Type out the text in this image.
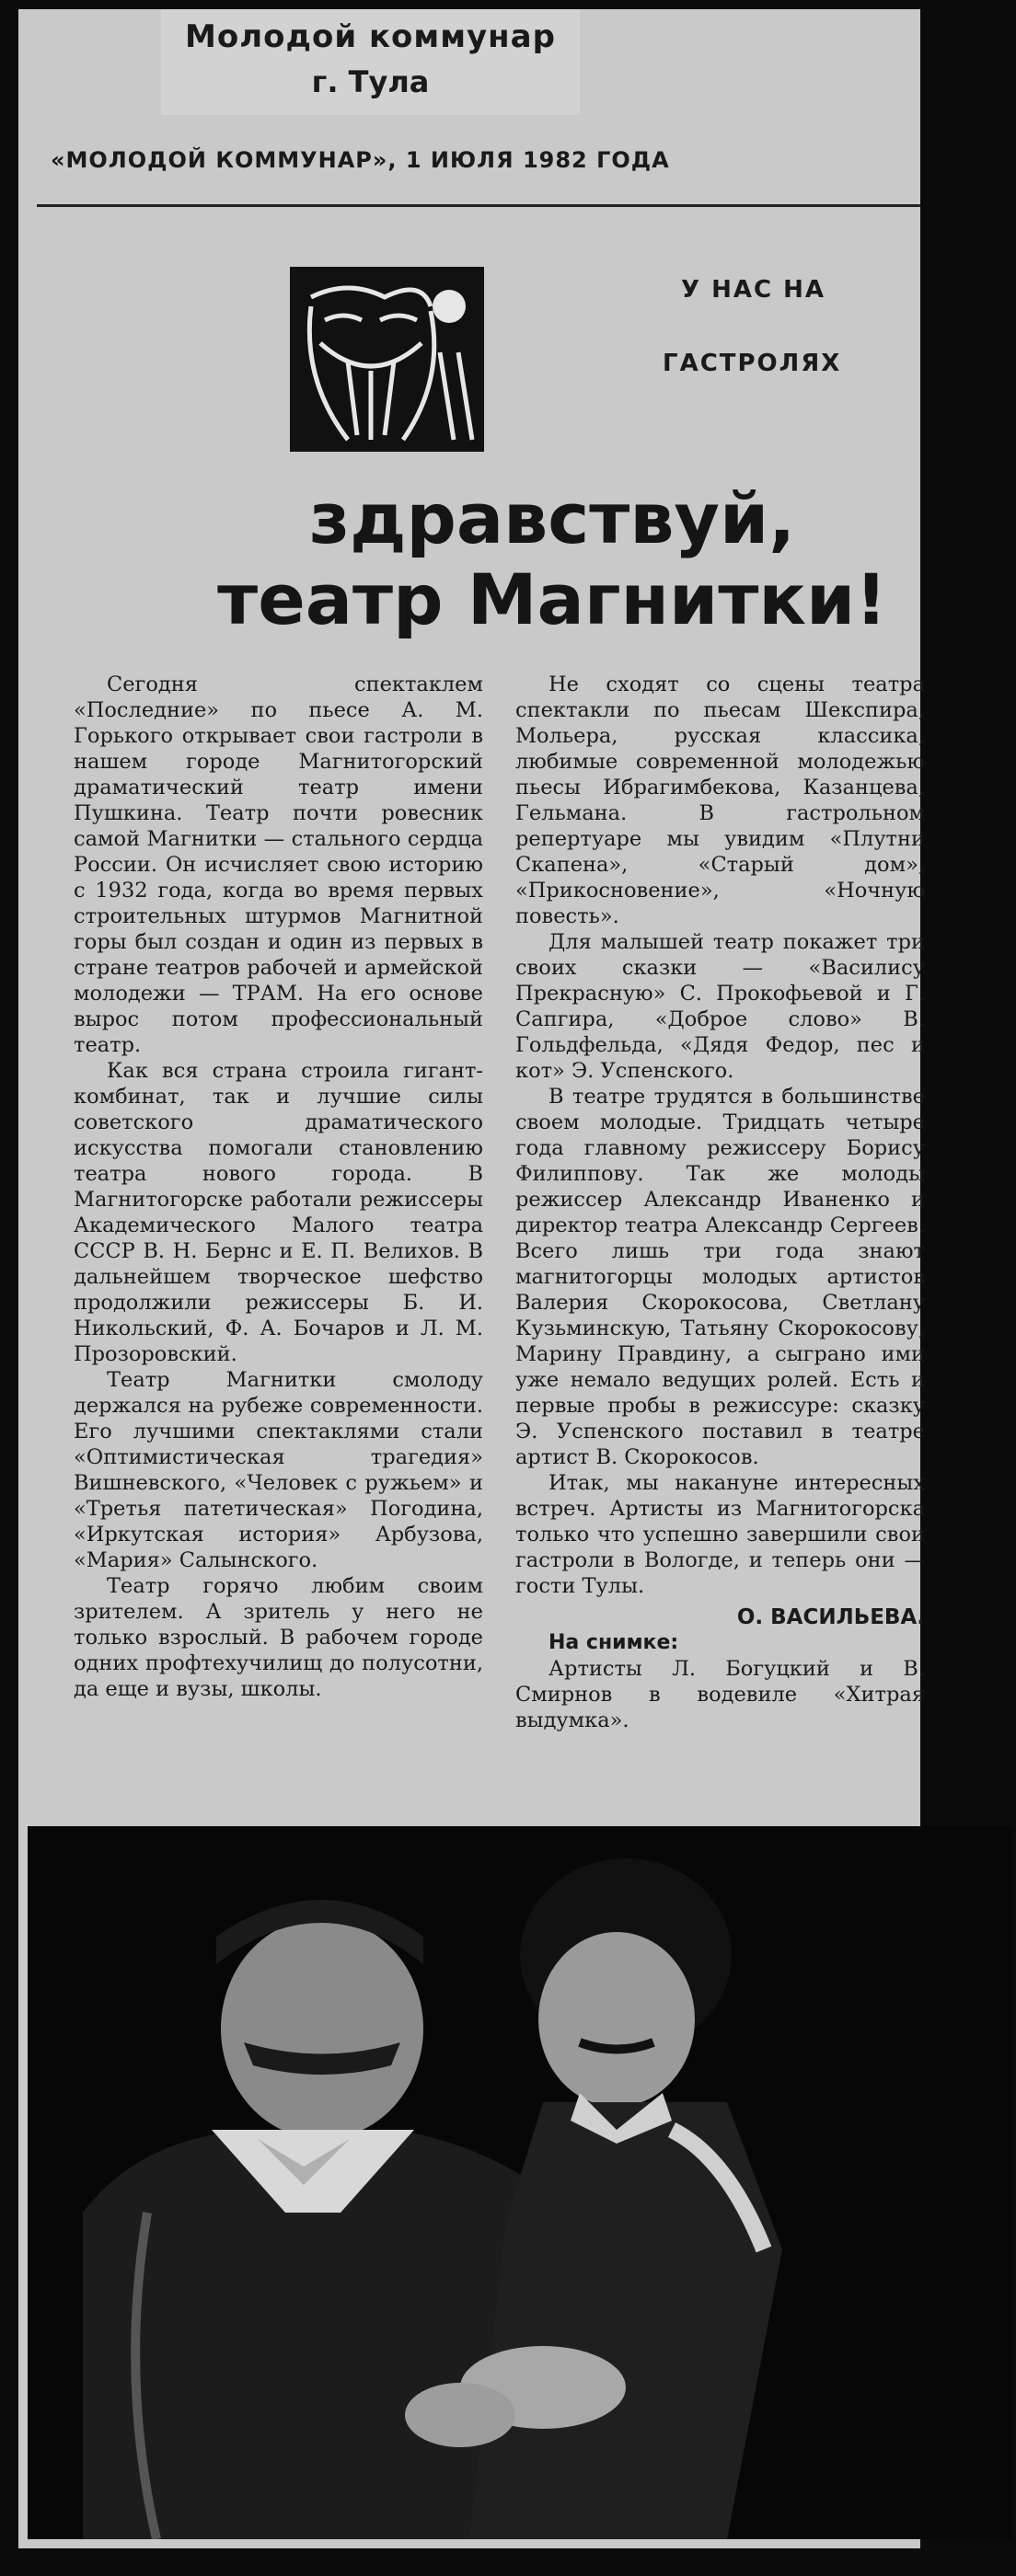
Молодой коммунар
г. Тула
«МОЛОДОЙ КОММУНАР», 1 ИЮЛЯ 1982 ГОДА
У НАС НА
ГАСТРОЛЯХ
здравствуй,
театр Магнитки!

Сегодня спектаклем «Последние» по пьесе А. М. Горького открывает свои гастроли в нашем городе Магнитогорский драматический театр имени Пушкина. Театр почти ровесник самой Магнитки — стального сердца России. Он исчисляет свою историю с 1932 года, когда во время первых строительных штурмов Магнитной горы был создан и один из первых в стране театров рабочей и армейской молодежи — ТРАМ. На его основе вырос потом профессиональный театр.

Как вся страна строила гигант-комбинат, так и лучшие силы советского драматического искусства помогали становлению театра нового города. В Магнитогорске работали режиссеры Академического Малого театра СССР В. Н. Бернс и Е. П. Велихов. В дальнейшем творческое шефство продолжили режиссеры Б. И. Никольский, Ф. А. Бочаров и Л. М. Прозоровский.

Театр Магнитки смолоду держался на рубеже современности. Его лучшими спектаклями стали «Оптимистическая трагедия» Вишневского, «Человек с ружьем» и «Третья патетическая» Погодина, «Иркутская история» Арбузова, «Мария» Салынского.

Театр горячо любим своим зрителем. А зритель у него не только взрослый. В рабочем городе одних профтехучилищ до полусотни, да еще и вузы, школы.

Не сходят со сцены театра спектакли по пьесам Шекспира, Мольера, русская классика, любимые современной молодежью пьесы Ибрагимбекова, Казанцева, Гельмана. В гастрольном репертуаре мы увидим «Плутни Скапена», «Старый дом», «Прикосновение», «Ночную повесть».

Для малышей театр покажет три своих сказки — «Василису Прекрасную» С. Прокофьевой и Г. Сапгира, «Доброе слово» В. Гольдфельда, «Дядя Федор, пес и кот» Э. Успенского.

В театре трудятся в большинстве своем молодые. Тридцать четыре года главному режиссеру Борису Филиппову. Так же молоды режиссер Александр Иваненко и директор театра Александр Сергеев. Всего лишь три года знают магнитогорцы молодых артистов Валерия Скорокосова, Светлану Кузьминскую, Татьяну Скорокосову, Марину Правдину, а сыграно ими уже немало ведущих ролей. Есть и первые пробы в режиссуре: сказку Э. Успенского поставил в театре артист В. Скорокосов.

Итак, мы накануне интересных встреч. Артисты из Магнитогорска только что успешно завершили свои гастроли в Вологде, и теперь они — гости Тулы.

О. ВАСИЛЬЕВА.
На снимке:

Артисты Л. Богуцкий и В. Смирнов в водевиле «Хитрая выдумка».
